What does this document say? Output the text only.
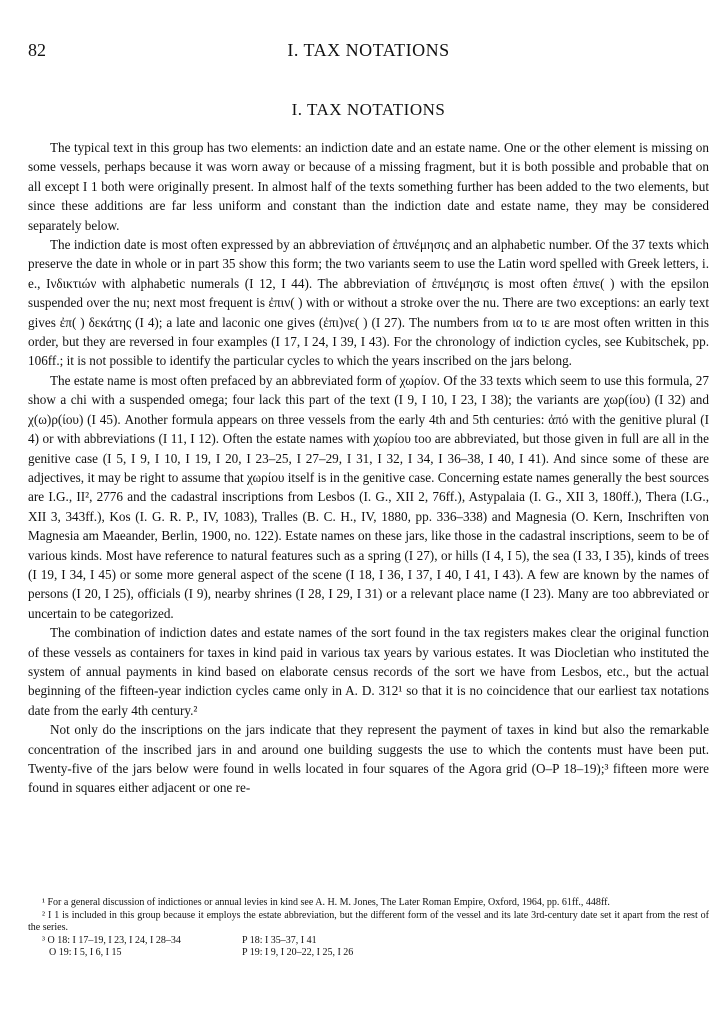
82	I. TAX NOTATIONS
I. TAX NOTATIONS

The typical text in this group has two elements: an indiction date and an estate name. One or the other element is missing on some vessels, perhaps because it was worn away or because of a missing fragment, but it is both possible and probable that on all except I 1 both were originally present. In almost half of the texts something further has been added to the two elements, but since these additions are far less uniform and constant than the indiction date and estate name, they may be considered separately below.

The indiction date is most often expressed by an abbreviation of ἐπινέμησις and an alphabetic number. Of the 37 texts which preserve the date in whole or in part 35 show this form; the two variants seem to use the Latin word spelled with Greek letters, i. e., Ινδικτιών with alphabetic numerals (I 12, I 44). The abbreviation of ἐπινέμησις is most often ἐπινε( ) with the epsilon suspended over the nu; next most frequent is ἐπιν( ) with or without a stroke over the nu. There are two exceptions: an early text gives ἐπ( ) δεκάτης (I 4); a late and laconic one gives (ἐπι)νε( ) (I 27). The numbers from ια to ιε are most often written in this order, but they are reversed in four examples (I 17, I 24, I 39, I 43). For the chronology of indiction cycles, see Kubitschek, pp. 106ff.; it is not possible to identify the particular cycles to which the years inscribed on the jars belong.

The estate name is most often prefaced by an abbreviated form of χωρίον. Of the 33 texts which seem to use this formula, 27 show a chi with a suspended omega; four lack this part of the text (I 9, I 10, I 23, I 38); the variants are χωρ(ίου) (I 32) and χ(ω)ρ(ίου) (I 45). Another formula appears on three vessels from the early 4th and 5th centuries: ἀπό with the genitive plural (I 4) or with abbreviations (I 11, I 12). Often the estate names with χωρίου too are abbreviated, but those given in full are all in the genitive case (I 5, I 9, I 10, I 19, I 20, I 23–25, I 27–29, I 31, I 32, I 34, I 36–38, I 40, I 41). And since some of these are adjectives, it may be right to assume that χωρίου itself is in the genitive case. Concerning estate names generally the best sources are I.G., II², 2776 and the cadastral inscriptions from Lesbos (I. G., XII 2, 76ff.), Astypalaia (I. G., XII 3, 180ff.), Thera (I.G., XII 3, 343ff.), Kos (I. G. R. P., IV, 1083), Tralles (B. C. H., IV, 1880, pp. 336–338) and Magnesia (O. Kern, Inschriften von Magnesia am Maeander, Berlin, 1900, no. 122). Estate names on these jars, like those in the cadastral inscriptions, seem to be of various kinds. Most have reference to natural features such as a spring (I 27), or hills (I 4, I 5), the sea (I 33, I 35), kinds of trees (I 19, I 34, I 45) or some more general aspect of the scene (I 18, I 36, I 37, I 40, I 41, I 43). A few are known by the names of persons (I 20, I 25), officials (I 9), nearby shrines (I 28, I 29, I 31) or a relevant place name (I 23). Many are too abbreviated or uncertain to be categorized.

The combination of indiction dates and estate names of the sort found in the tax registers makes clear the original function of these vessels as containers for taxes in kind paid in various tax years by various estates. It was Diocletian who instituted the system of annual payments in kind based on elaborate census records of the sort we have from Lesbos, etc., but the actual beginning of the fifteen-year indiction cycles came only in A. D. 312¹ so that it is no coincidence that our earliest tax notations date from the early 4th century.²

Not only do the inscriptions on the jars indicate that they represent the payment of taxes in kind but also the remarkable concentration of the inscribed jars in and around one building suggests the use to which the contents must have been put. Twenty-five of the jars below were found in wells located in four squares of the Agora grid (O–P 18–19);³ fifteen more were found in squares either adjacent or one re-

¹ For a general discussion of indictiones or annual levies in kind see A. H. M. Jones, The Later Roman Empire, Oxford, 1964, pp. 61ff., 448ff.

² I 1 is included in this group because it employs the estate abbreviation, but the different form of the vessel and its late 3rd-century date set it apart from the rest of the series.

³ O 18: I 17–19, I 23, I 24, I 28–34	P 18: I 35–37, I 41
O 19: I 5, I 6, I 15	P 19: I 9, I 20–22, I 25, I 26
